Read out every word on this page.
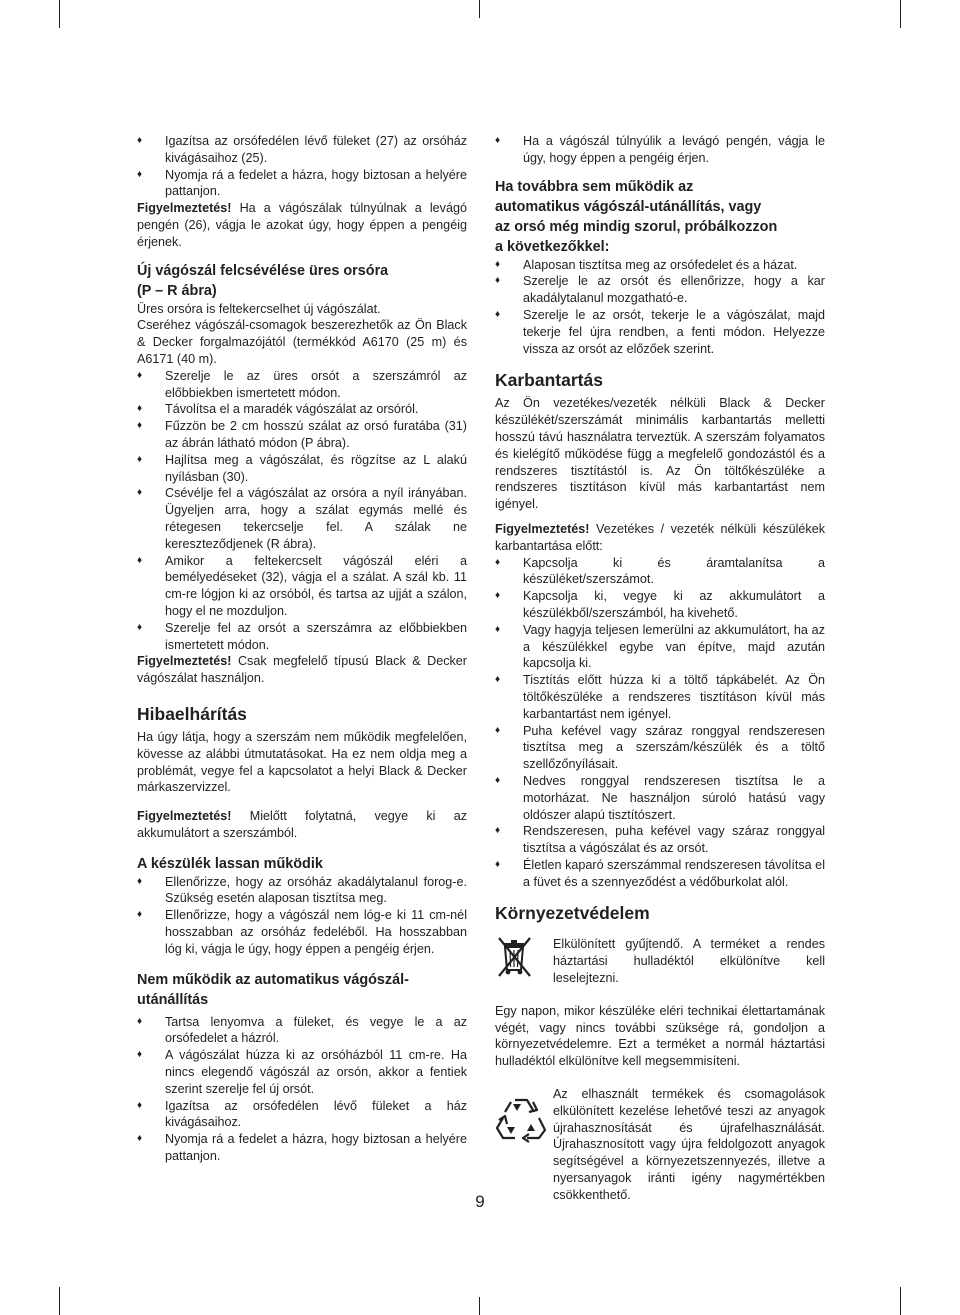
♦ Igazítsa az orsófedélen lévő füleket (27) az orsóház kivágásaihoz (25).
♦ Nyomja rá a fedelet a házra, hogy biztosan a helyére pattanjon.

Figyelmeztetés! Ha a vágószálak túlnyúlnak a levágó pengén (26), vágja le azokat úgy, hogy éppen a pengéig érjenek.

Új vágószál felcsévélése üres orsóra
(P – R ábra)

Üres orsóra is feltekercselhet új vágószálat.

Cseréhez vágószál-csomagok beszerezhetők az Ön Black & Decker forgalmazójától (termékkód A6170 (25 m) és A6171 (40 m).

♦ Szerelje le az üres orsót a szerszámról az előbbiekben ismertetett módon.
♦ Távolítsa el a maradék vágószálat az orsóról.
♦ Fűzzön be 2 cm hosszú szálat az orsó furatába (31) az ábrán látható módon (P ábra).
♦ Hajlítsa meg a vágószálat, és rögzítse az L alakú nyílásban (30).
♦ Csévélje fel a vágószálat az orsóra a nyíl irányában. Ügyeljen arra, hogy a szálat egymás mellé és rétegesen tekercselje fel. A szálak ne kereszteződjenek (R ábra).
♦ Amikor a feltekercselt vágószál eléri a bemélyedéseket (32), vágja el a szálat. A szál kb. 11 cm-re lógjon ki az orsóból, és tartsa az ujját a szálon, hogy el ne mozduljon.
♦ Szerelje fel az orsót a szerszámra az előbbiekben ismertetett módon.

Figyelmeztetés! Csak megfelelő típusú Black & Decker vágószálat használjon.

Hibaelhárítás

Ha úgy látja, hogy a szerszám nem működik megfelelően, kövesse az alábbi útmutatásokat. Ha ez nem oldja meg a problémát, vegye fel a kapcsolatot a helyi Black & Decker márkaszervizzel.

Figyelmeztetés! Mielőtt folytatná, vegye ki az akkumulátort a szerszámból.

A készülék lassan működik
♦ Ellenőrizze, hogy az orsóház akadálytalanul forog-e. Szükség esetén alaposan tisztítsa meg.
♦ Ellenőrizze, hogy a vágószál nem lóg-e ki 11 cm-nél hosszabban az orsóház fedeléből. Ha hosszabban lóg ki, vágja le úgy, hogy éppen a pengéig érjen.
Nem működik az automatikus vágószál-
utánállítás
♦ Tartsa lenyomva a füleket, és vegye le a az orsófedelet a házról.
♦ A vágószálat húzza ki az orsóházból 11 cm-re. Ha nincs elegendő vágószál az orsón, akkor a fentiek szerint szerelje fel új orsót.
♦ Igazítsa az orsófedélen lévő füleket a ház kivágásaihoz.
♦ Nyomja rá a fedelet a házra, hogy biztosan a helyére pattanjon.
♦ Ha a vágószál túlnyúlik a levágó pengén, vágja le úgy, hogy éppen a pengéig érjen.
Ha továbbra sem működik az
automatikus vágószál-utánállítás, vagy
az orsó még mindig szorul, próbálkozzon
a következőkkel:
♦ Alaposan tisztítsa meg az orsófedelet és a házat.
♦ Szerelje le az orsót és ellenőrizze, hogy a kar akadálytalanul mozgatható-e.
♦ Szerelje le az orsót, tekerje le a vágószálat, majd tekerje fel újra rendben, a fenti módon. Helyezze vissza az orsót az előzőek szerint.
Karbantartás

Az Ön vezetékes/vezeték nélküli Black & Decker készülékét/szerszámát minimális karbantartás melletti hosszú távú használatra terveztük. A szerszám folyamatos és kielégítő működése függ a megfelelő gondozástól és a rendszeres tisztítástól is. Az Ön töltőkészüléke a rendszeres tisztításon kívül más karbantartást nem igényel.

Figyelmeztetés! Vezetékes / vezeték nélküli készülékek karbantartása előtt:

♦ Kapcsolja ki és áramtalanítsa a készüléket/szerszámot.
♦ Kapcsolja ki, vegye ki az akkumulátort a készülékből/szerszámból, ha kivehető.
♦ Vagy hagyja teljesen lemerülni az akkumulátort, ha az a készülékkel egybe van építve, majd azután kapcsolja ki.
♦ Tisztítás előtt húzza ki a töltő tápkábelét. Az Ön töltőkészüléke a rendszeres tisztításon kívül más karbantartást nem igényel.
♦ Puha kefével vagy száraz ronggyal rendszeresen tisztítsa meg a szerszám/készülék és a töltő szellőzőnyílásait.
♦ Nedves ronggyal rendszeresen tisztítsa le a motorházat. Ne használjon súroló hatású vagy oldószer alapú tisztítószert.
♦ Rendszeresen, puha kefével vagy száraz ronggyal tisztítsa a vágószálat és az orsót.
♦ Életlen kaparó szerszámmal rendszeresen távolítsa el a füvet és a szennyeződést a védőburkolat alól.
Környezetvédelem
Elkülönített gyűjtendő. A terméket a rendes háztartási hulladéktól elkülönítve kell leselejtezni.

Egy napon, mikor készüléke eléri technikai élettartamának végét, vagy nincs további szüksége rá, gondoljon a környezetvédelemre. Ezt a terméket a normál háztartási hulladéktól elkülönítve kell megsemmisíteni.

Az elhasznált termékek és csomagolások elkülönített kezelése lehetővé teszi az anyagok újrahasznosítását és újrafelhasználását. Újrahasznosított vagy újra feldolgozott anyagok segítségével a környezetszennyezés, illetve a nyersanyagok iránti igény nagymértékben csökkenthető.
9
